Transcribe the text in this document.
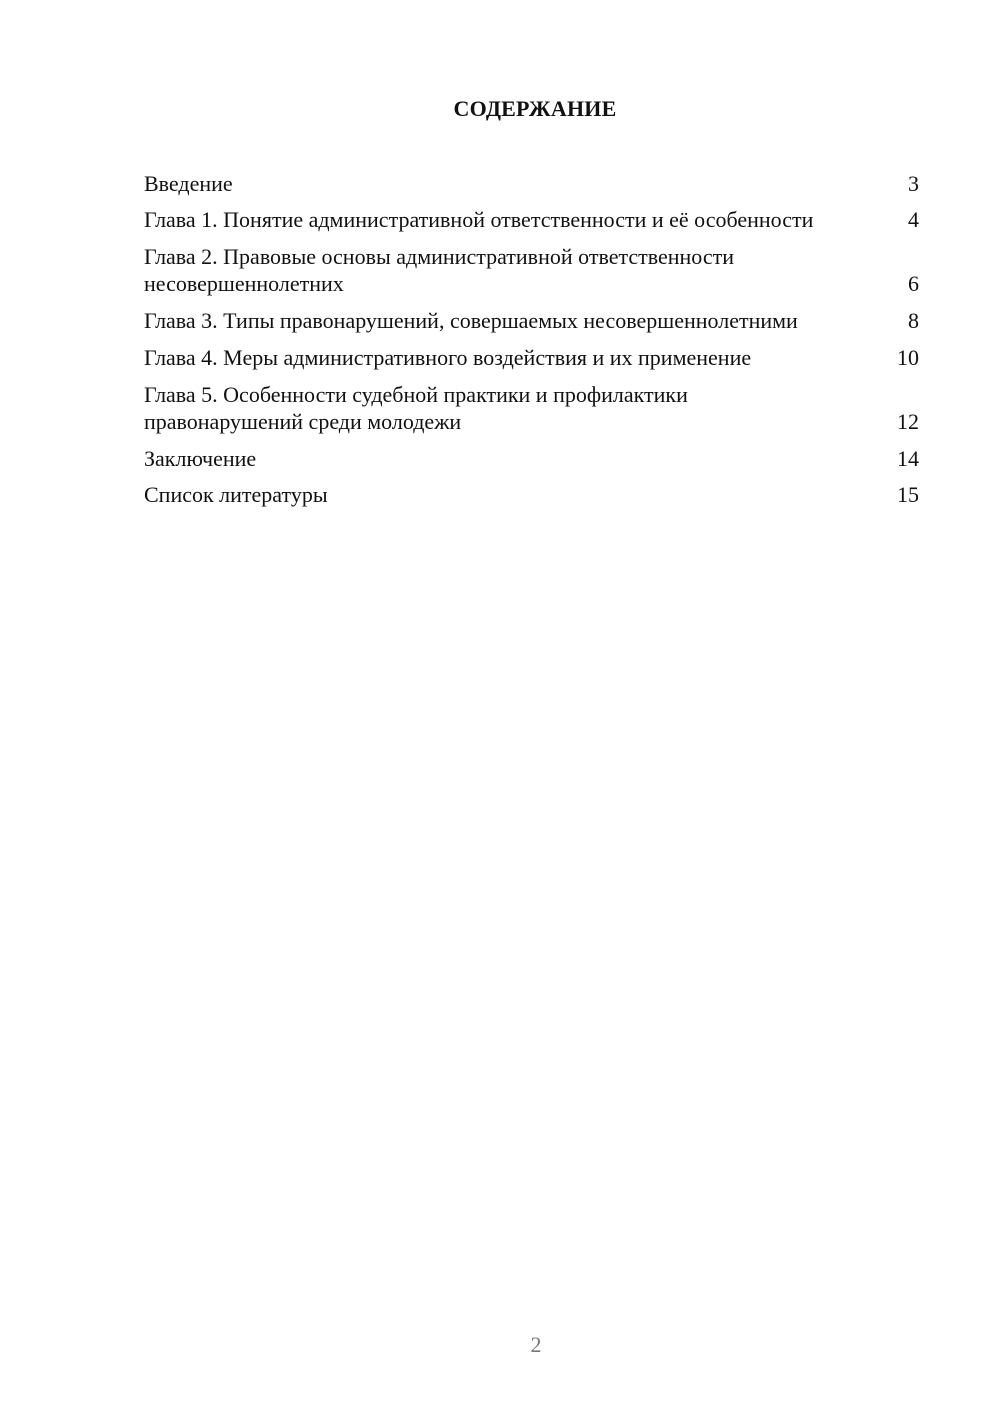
СОДЕРЖАНИЕ
Введение	3
Глава 1. Понятие административной ответственности и её особенности	4
Глава 2. Правовые основы административной ответственности несовершеннолетних	6
Глава 3. Типы правонарушений, совершаемых несовершеннолетними	8
Глава 4. Меры административного воздействия и их применение	10
Глава 5. Особенности судебной практики и профилактики правонарушений среди молодежи	12
Заключение	14
Список литературы	15
2
